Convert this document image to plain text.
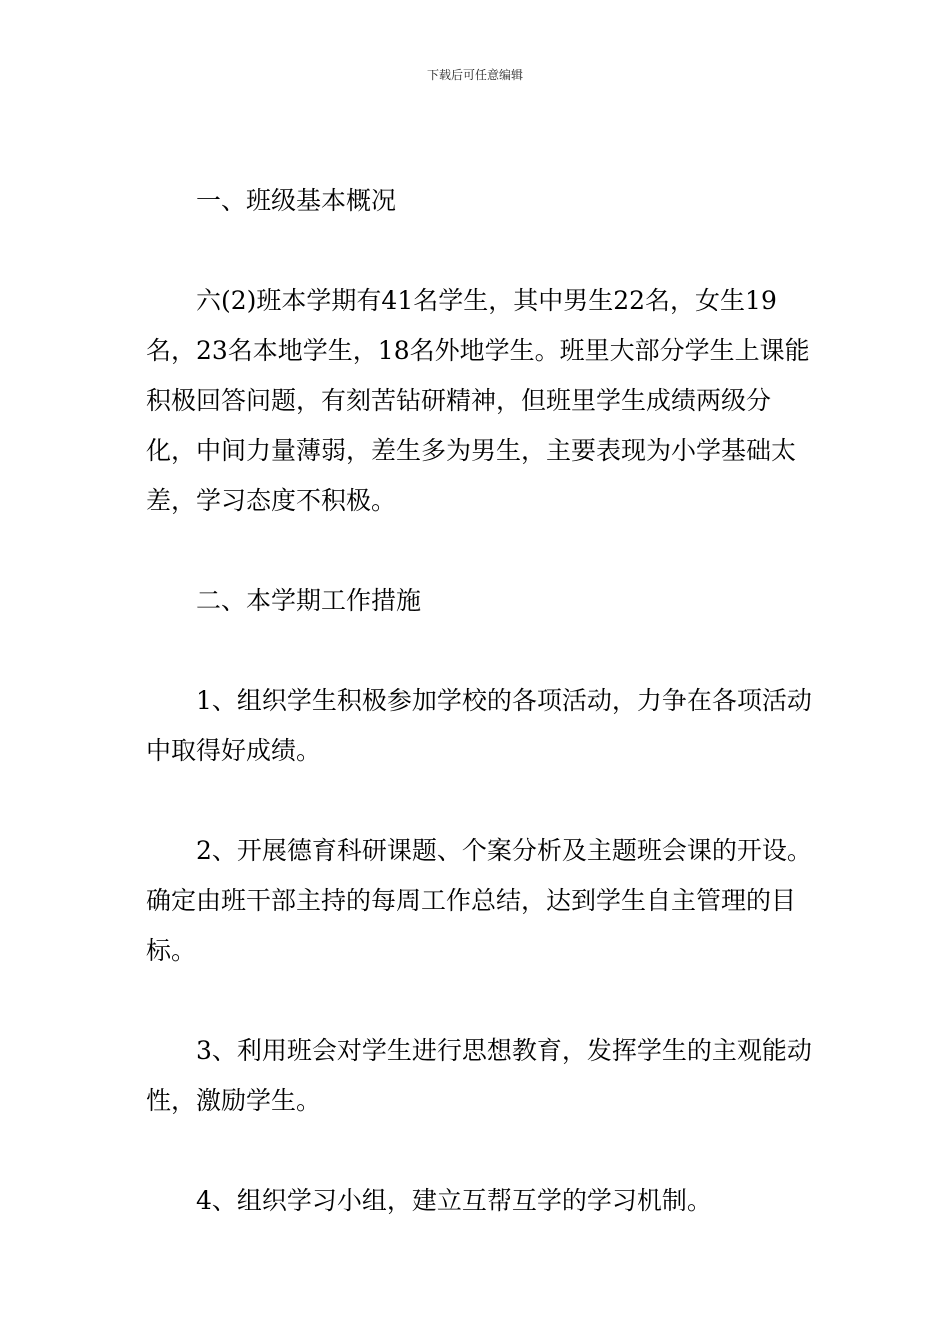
下载后可任意编辑

一、班级基本概况

六(2)班本学期有41名学生，其中男生22名，女生19名，23名本地学生，18名外地学生。班里大部分学生上课能积极回答问题，有刻苦钻研精神，但班里学生成绩两级分化，中间力量薄弱，差生多为男生，主要表现为小学基础太差，学习态度不积极。

二、本学期工作措施

1、组织学生积极参加学校的各项活动，力争在各项活动中取得好成绩。

2、开展德育科研课题、个案分析及主题班会课的开设。确定由班干部主持的每周工作总结，达到学生自主管理的目标。

3、利用班会对学生进行思想教育，发挥学生的主观能动性，激励学生。

4、组织学习小组，建立互帮互学的学习机制。
